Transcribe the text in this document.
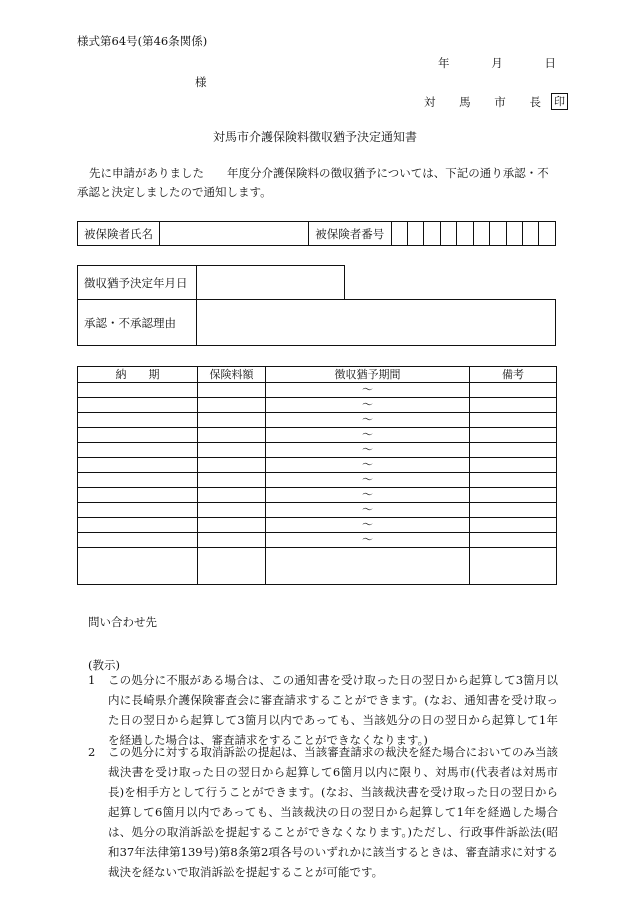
様式第64号(第46条関係)
年	月	日
様
対 馬 市 長 印
対馬市介護保険料徴収猶予決定通知書
先に申請がありました　　年度分介護保険料の徴収猶予については、下記の通り承認・不承認と決定しましたので通知します。
被保険者氏名		被保険者番号										
徴収猶予決定年月日		
承認・不承認理由		
納　　期	保険料額	徴収猶予期間	備考
		～	
		～	
		～	
		～	
		～	
		～	
		～	
		～	
		～	
		～	
		～	

問い合わせ先
(教示)
1 この処分に不服がある場合は、この通知書を受け取った日の翌日から起算して3箇月以内に長崎県介護保険審査会に審査請求することができます。(なお、通知書を受け取った日の翌日から起算して3箇月以内であっても、当該処分の日の翌日から起算して1年を経過した場合は、審査請求をすることができなくなります。)
2 この処分に対する取消訴訟の提起は、当該審査請求の裁決を経た場合においてのみ当該裁決書を受け取った日の翌日から起算して6箇月以内に限り、対馬市(代表者は対馬市長)を相手方として行うことができます。(なお、当該裁決書を受け取った日の翌日から起算して6箇月以内であっても、当該裁決の日の翌日から起算して1年を経過した場合は、処分の取消訴訟を提起することができなくなります。)ただし、行政事件訴訟法(昭和37年法律第139号)第8条第2項各号のいずれかに該当するときは、審査請求に対する裁決を経ないで取消訴訟を提起することが可能です。
